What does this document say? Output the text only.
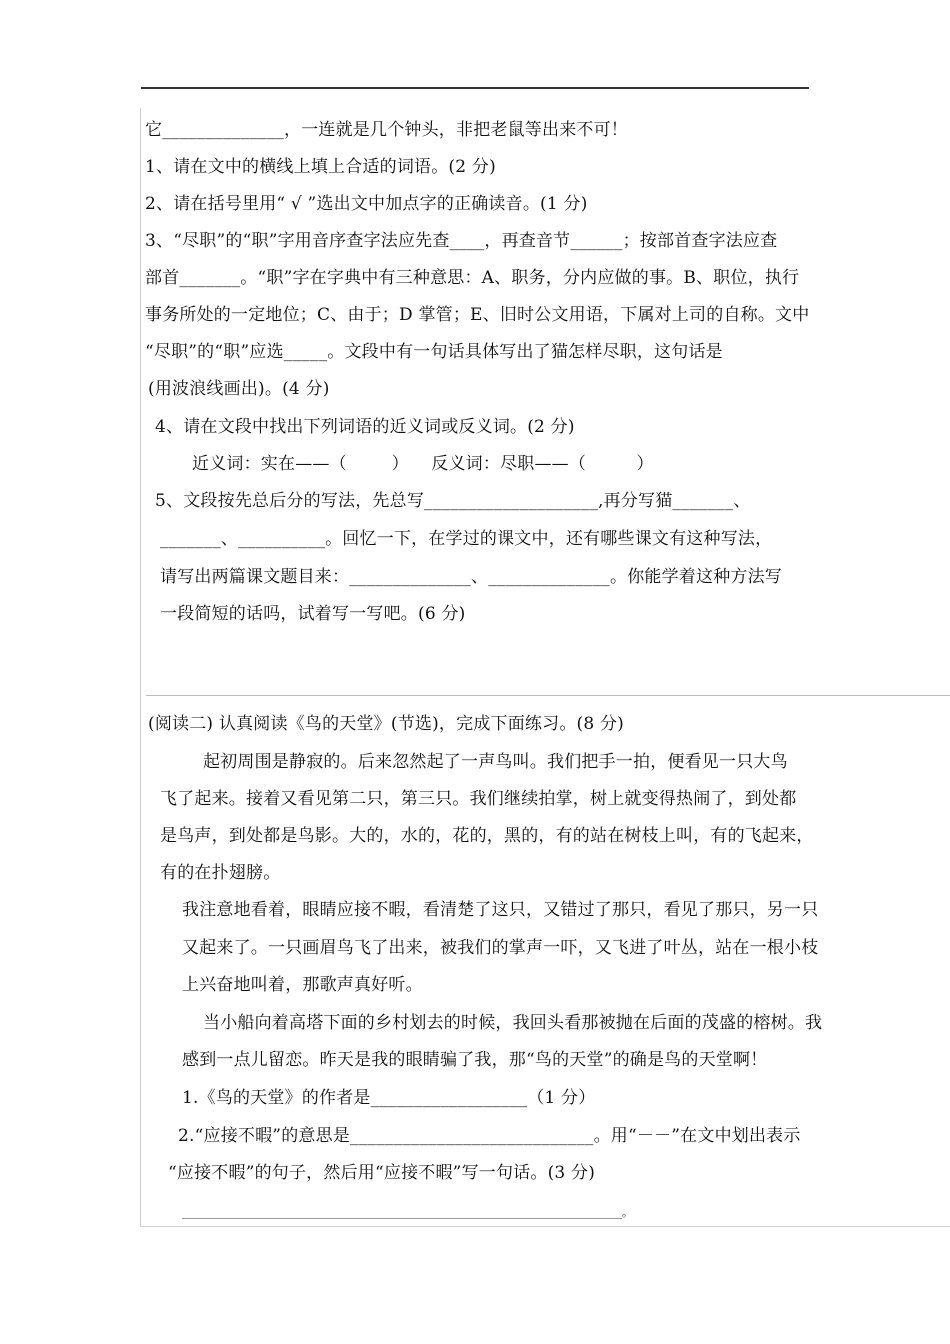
它______________，一连就是几个钟头，非把老鼠等出来不可！
1、请在文中的横线上填上合适的词语。(2 分)
2、请在括号里用“ √ ”选出文中加点字的正确读音。(1 分)
3、“尽职”的“职”字用音序查字法应先查____，再查音节______；按部首查字法应查
部首_______。“职”字在字典中有三种意思：A、职务，分内应做的事。B、职位，执行
事务所处的一定地位；C、由于；D 掌管；E、旧时公文用语，下属对上司的自称。文中
“尽职”的“职”应选_____。文段中有一句话具体写出了猫怎样尽职，这句话是
(用波浪线画出)。(4 分)
4、请在文段中找出下列词语的近义词或反义词。(2 分)
近义词：实在——（        ）    反义词：尽职——（         ）
5、文段按先总后分的写法，先总写____________________,再分写猫_______、
_______、__________。回忆一下，在学过的课文中，还有哪些课文有这种写法，
请写出两篇课文题目来：______________、______________。你能学着这种方法写
一段简短的话吗，试着写一写吧。(6 分)
(阅读二) 认真阅读《鸟的天堂》(节选)，完成下面练习。(8 分)
起初周围是静寂的。后来忽然起了一声鸟叫。我们把手一拍，便看见一只大鸟
飞了起来。接着又看见第二只，第三只。我们继续拍掌，树上就变得热闹了，到处都
是鸟声，到处都是鸟影。大的，水的，花的，黑的，有的站在树枝上叫，有的飞起来，
有的在扑翅膀。
我注意地看着，眼睛应接不暇，看清楚了这只，又错过了那只，看见了那只，另一只
又起来了。一只画眉鸟飞了出来，被我们的掌声一吓，又飞进了叶丛，站在一根小枝
上兴奋地叫着，那歌声真好听。
当小船向着高塔下面的乡村划去的时候，我回头看那被抛在后面的茂盛的榕树。我
感到一点儿留恋。昨天是我的眼睛骗了我，那“鸟的天堂”的确是鸟的天堂啊！
1.《鸟的天堂》的作者是__________________（1 分）
2.“应接不暇”的意思是____________________________。用“－－”在文中划出表示
“应接不暇”的句子，然后用“应接不暇”写一句话。(3 分)
________________________________________________________________________________。
